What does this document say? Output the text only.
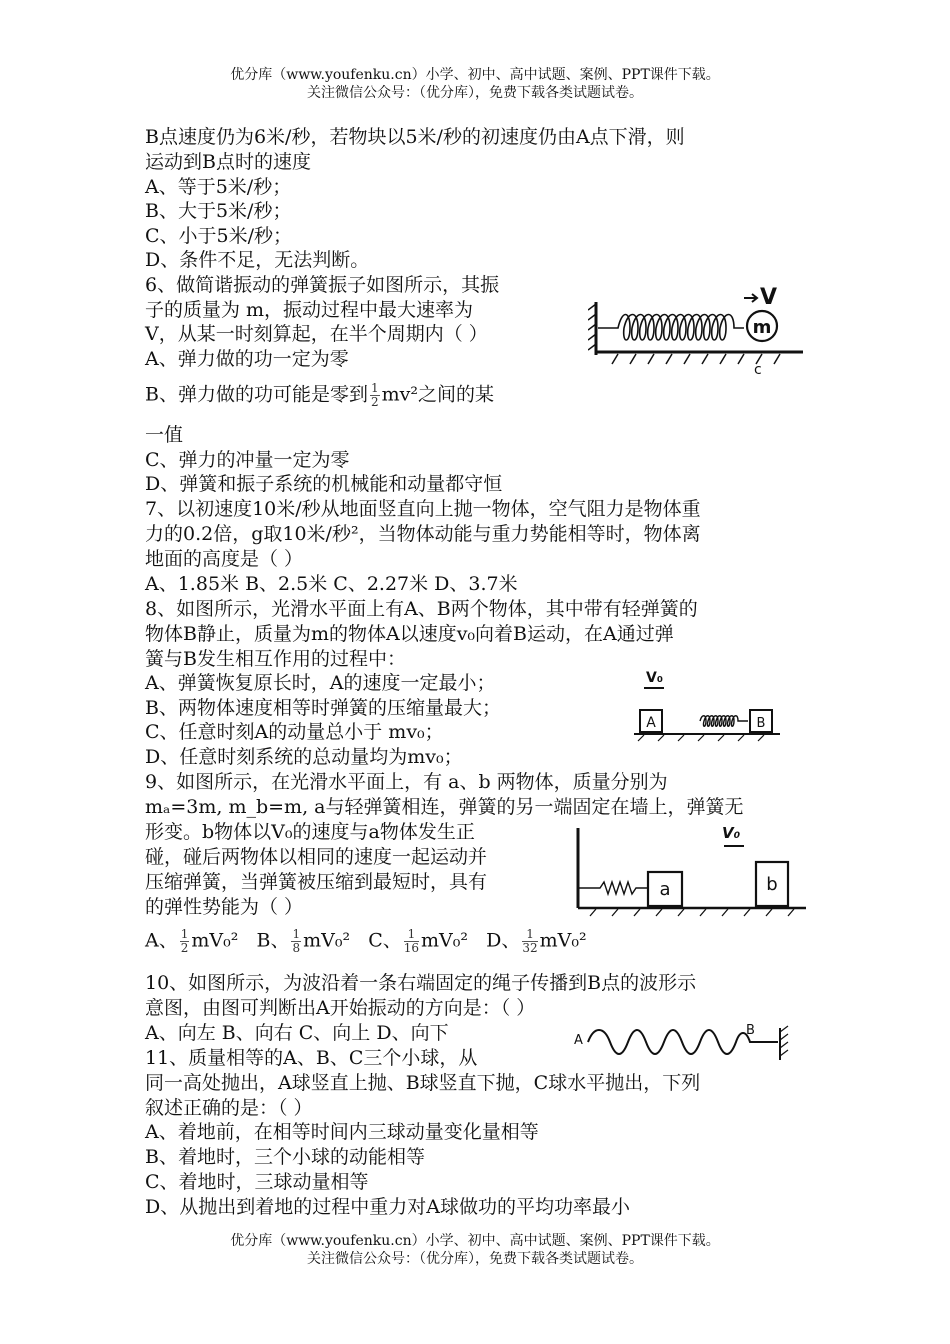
优分库（www.youfenku.cn）小学、初中、高中试题、案例、PPT课件下载。
关注微信公众号：（优分库），免费下载各类试题试卷。
B点速度仍为6米/秒，若物块以5米/秒的初速度仍由A点下滑，则
运动到B点时的速度
A、等于5米/秒；
B、大于5米/秒；
C、小于5米/秒；
D、条件不足，无法判断。
6、做简谐振动的弹簧振子如图所示，其振
子的质量为 m，振动过程中最大速率为
V，从某一时刻算起，在半个周期内（ ）
A、弹力做的功一定为零
B、弹力做的功可能是零到 $\frac{1}{2} mv^2$之间的某
一值
C、弹力的冲量一定为零
D、弹簧和振子系统的机械能和动量都守恒
m
V
c
7、以初速度10米/秒从地面竖直向上抛一物体，空气阻力是物体重
力的0.2倍，g取10米/秒²，当物体动能与重力势能相等时，物体离
地面的高度是（ ）
A、1.85米 B、2.5米 C、2.27米 D、3.7米
8、如图所示，光滑水平面上有A、B两个物体，其中带有轻弹簧的
物体B静止，质量为m的物体A以速度v₀向着B运动，在A通过弹
簧与B发生相互作用的过程中：
A、弹簧恢复原长时，A的速度一定最小；
B、两物体速度相等时弹簧的压缩量最大；
C、任意时刻A的动量总小于 mv₀；
D、任意时刻系统的总动量均为mv₀；
V₀
A	B
9、如图所示，在光滑水平面上，有 a、b 两物体，质量分别为
mₐ=3m, m_b=m, a与轻弹簧相连，弹簧的另一端固定在墙上，弹簧无
形变。b物体以V₀的速度与a物体发生正
碰，碰后两物体以相同的速度一起运动并
压缩弹簧，当弹簧被压缩到最短时，具有
的弹性势能为（ ）
A、 $\frac{1}{2} mV_0^2$ B、 $\frac{1}{8} mV_0^2$ C、 $\frac{1}{16} mV_0^2$ D、 $\frac{1}{32} mV_0^2$
a	b
V₀
10、如图所示，为波沿着一条右端固定的绳子传播到B点的波形示
意图，由图可判断出A开始振动的方向是：（ ）
A、向左 B、向右 C、向上 D、向下	A
B
11、质量相等的A、B、C三个小球，从
同一高处抛出，A球竖直上抛、B球竖直下抛，C球水平抛出，下列
叙述正确的是：（ ）
A、着地前，在相等时间内三球动量变化量相等
B、着地时，三个小球的动能相等
C、着地时，三球动量相等
D、从抛出到着地的过程中重力对A球做功的平均功率最小
优分库（www.youfenku.cn）小学、初中、高中试题、案例、PPT课件下载。
关注微信公众号：（优分库），免费下载各类试题试卷。
